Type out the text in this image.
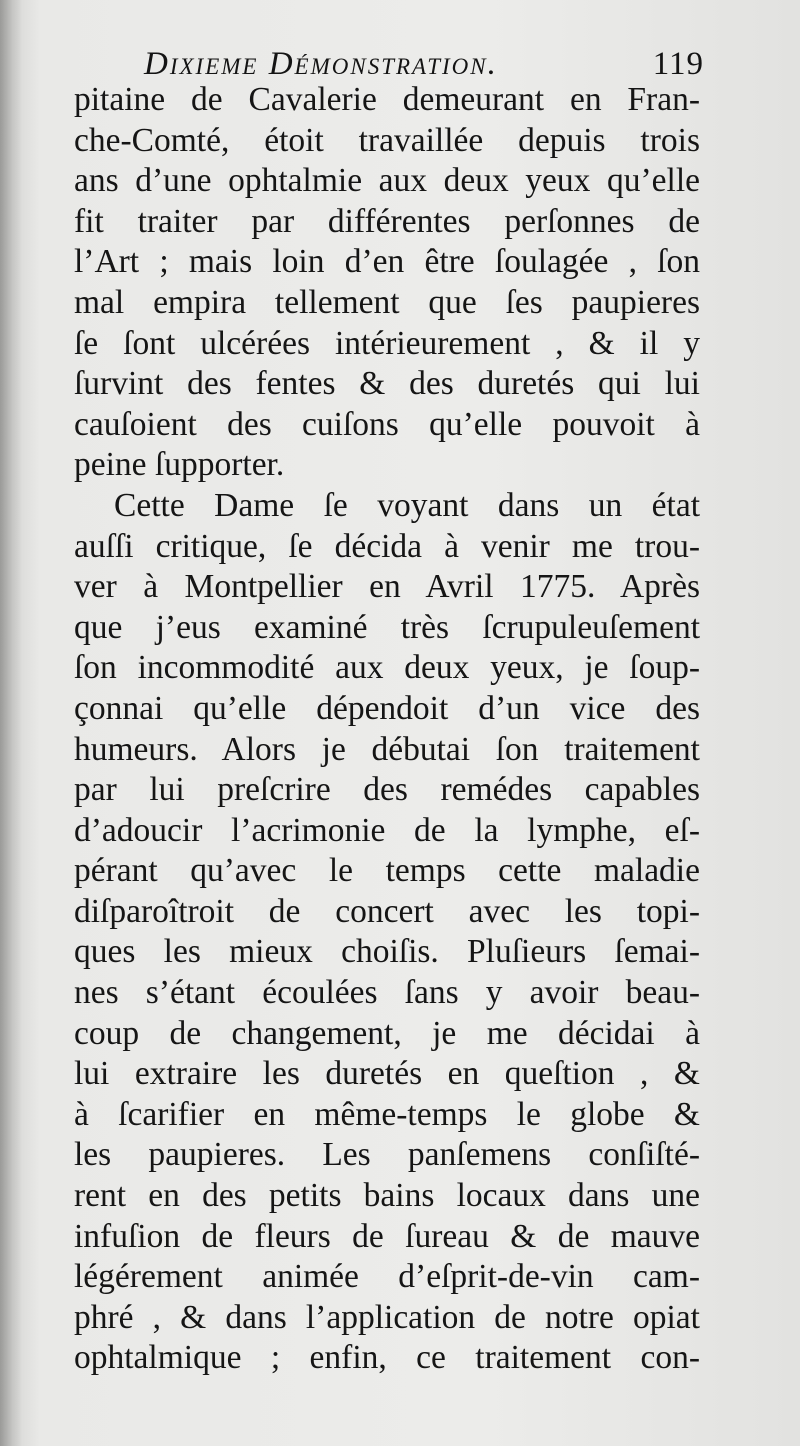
Dixieme Démonstration.	119
pitaine de Cavalerie demeurant en Fran-
che-Comté, étoit travaillée depuis trois
ans d’une ophtalmie aux deux yeux qu’elle
fit traiter par différentes perſonnes de
l’Art ; mais loin d’en être ſoulagée , ſon
mal empira tellement que ſes paupieres
ſe ſont ulcérées intérieurement , & il y
ſurvint des fentes & des duretés qui lui
cauſoient des cuiſons qu’elle pouvoit à
peine ſupporter.
Cette Dame ſe voyant dans un état
auſſi critique, ſe décida à venir me trou-
ver à Montpellier en Avril 1775. Après
que j’eus examiné très ſcrupuleuſement
ſon incommodité aux deux yeux, je ſoup-
çonnai qu’elle dépendoit d’un vice des
humeurs. Alors je débutai ſon traitement
par lui preſcrire des remédes capables
d’adoucir l’acrimonie de la lymphe, eſ-
pérant qu’avec le temps cette maladie
diſparoîtroit de concert avec les topi-
ques les mieux choiſis. Pluſieurs ſemai-
nes s’étant écoulées ſans y avoir beau-
coup de changement, je me décidai à
lui extraire les duretés en queſtion , &
à ſcarifier en même-temps le globe &
les paupieres. Les panſemens conſiſté-
rent en des petits bains locaux dans une
infuſion de fleurs de ſureau & de mauve
légérement animée d’eſprit-de-vin cam-
phré , & dans l’application de notre opiat
ophtalmique ; enfin, ce traitement con-
